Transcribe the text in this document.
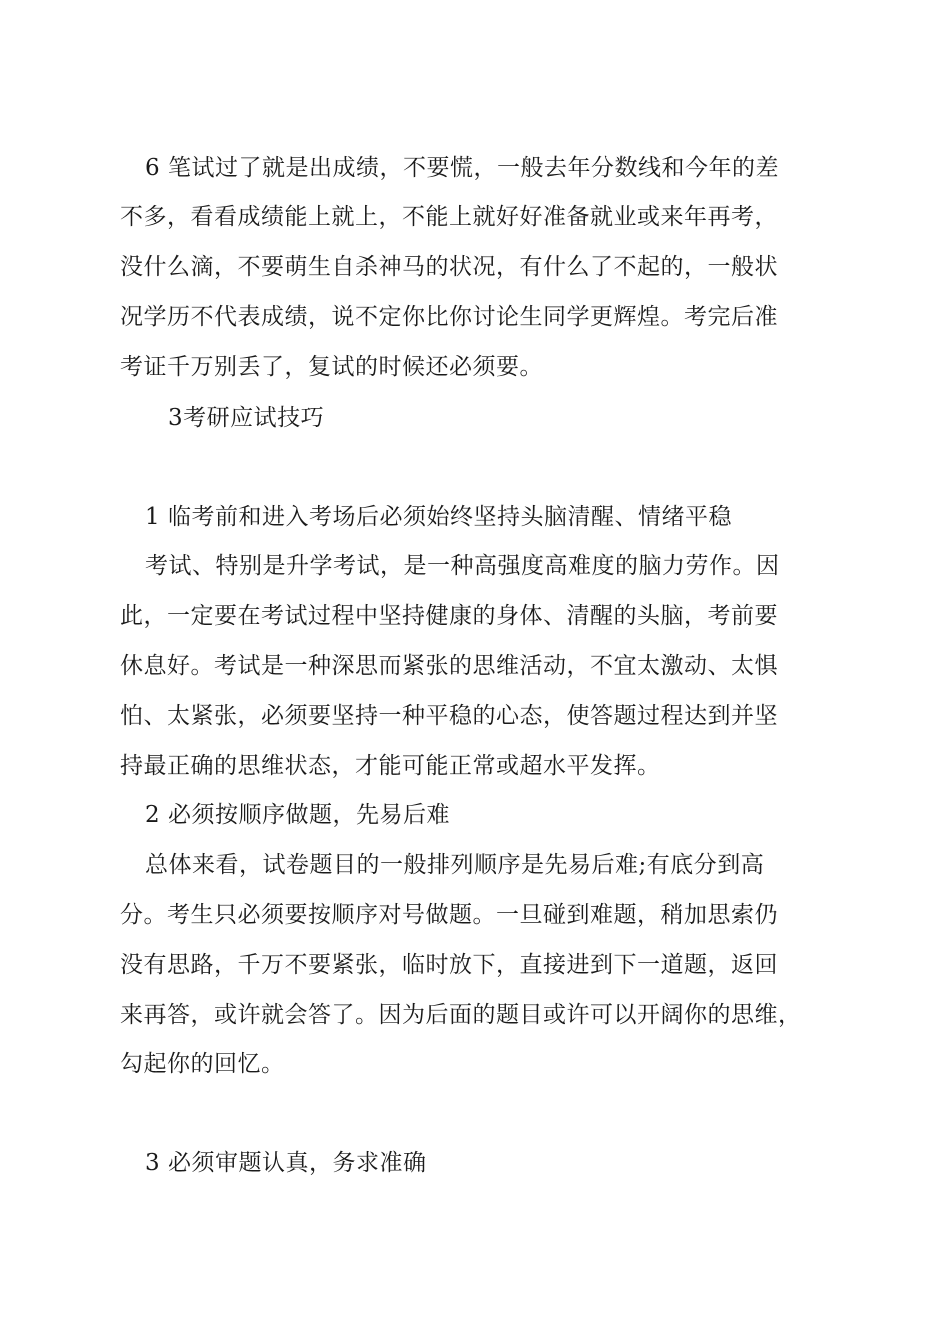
6 笔试过了就是出成绩，不要慌，一般去年分数线和今年的差
不多，看看成绩能上就上，不能上就好好准备就业或来年再考，
没什么滴，不要萌生自杀神马的状况，有什么了不起的，一般状
况学历不代表成绩，说不定你比你讨论生同学更辉煌。考完后准
考证千万别丢了，复试的时候还必须要。
3考研应试技巧
1 临考前和进入考场后必须始终坚持头脑清醒、情绪平稳
考试、特别是升学考试，是一种高强度高难度的脑力劳作。因
此，一定要在考试过程中坚持健康的身体、清醒的头脑，考前要
休息好。考试是一种深思而紧张的思维活动，不宜太激动、太惧
怕、太紧张，必须要坚持一种平稳的心态，使答题过程达到并坚
持最正确的思维状态，才能可能正常或超水平发挥。
2 必须按顺序做题，先易后难
总体来看，试卷题目的一般排列顺序是先易后难;有底分到高
分。考生只必须要按顺序对号做题。一旦碰到难题，稍加思索仍
没有思路，千万不要紧张，临时放下，直接进到下一道题，返回
来再答，或许就会答了。因为后面的题目或许可以开阔你的思维，
勾起你的回忆。
3 必须审题认真，务求准确
